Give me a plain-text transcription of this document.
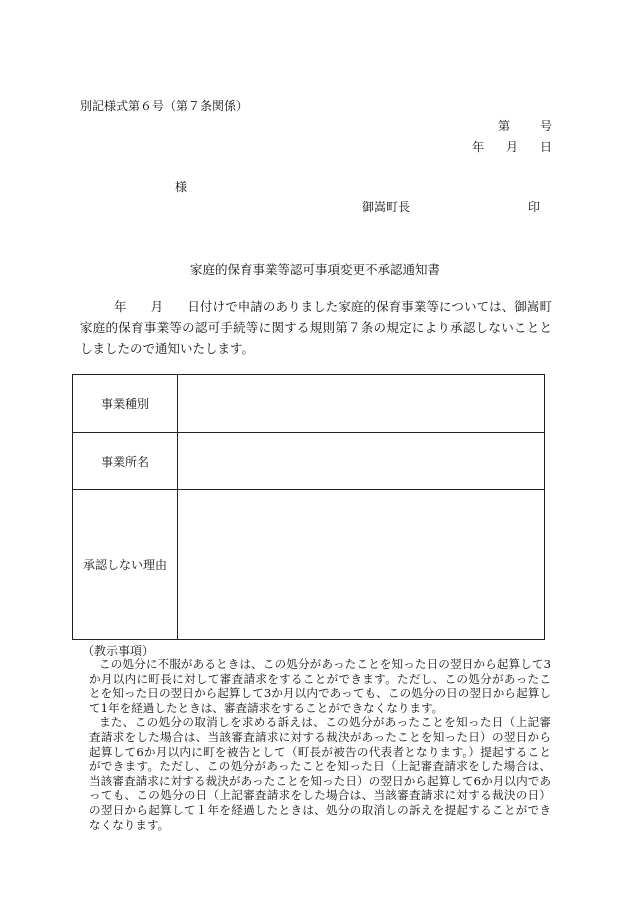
別記様式第６号（第７条関係）
第	号
年 月 日
様
御嵩町長	印
家庭的保育事業等認可事項変更不承認通知書
年 月 日付けで申請のありました家庭的保育事業等については、御嵩町家庭的保育事業等の認可手続等に関する規則第７条の規定により承認しないこととしましたので通知いたします。
事業種別	
事業所名	
承認しない理由	
（教示事項）

この処分に不服があるときは、この処分があったことを知った日の翌日から起算して3か月以内に町長に対して審査請求をすることができます。ただし、この処分があったことを知った日の翌日から起算して3か月以内であっても、この処分の日の翌日から起算して1年を経過したときは、審査請求をすることができなくなります。

また、この処分の取消しを求める訴えは、この処分があったことを知った日（上記審査請求をした場合は、当該審査請求に対する裁決があったことを知った日）の翌日から起算して6か月以内に町を被告として（町長が被告の代表者となります。）提起することができます。ただし、この処分があったことを知った日（上記審査請求をした場合は、当該審査請求に対する裁決があったことを知った日）の翌日から起算して6か月以内であっても、この処分の日（上記審査請求をした場合は、当該審査請求に対する裁決の日）の翌日から起算して１年を経過したときは、処分の取消しの訴えを提起することができなくなります。
